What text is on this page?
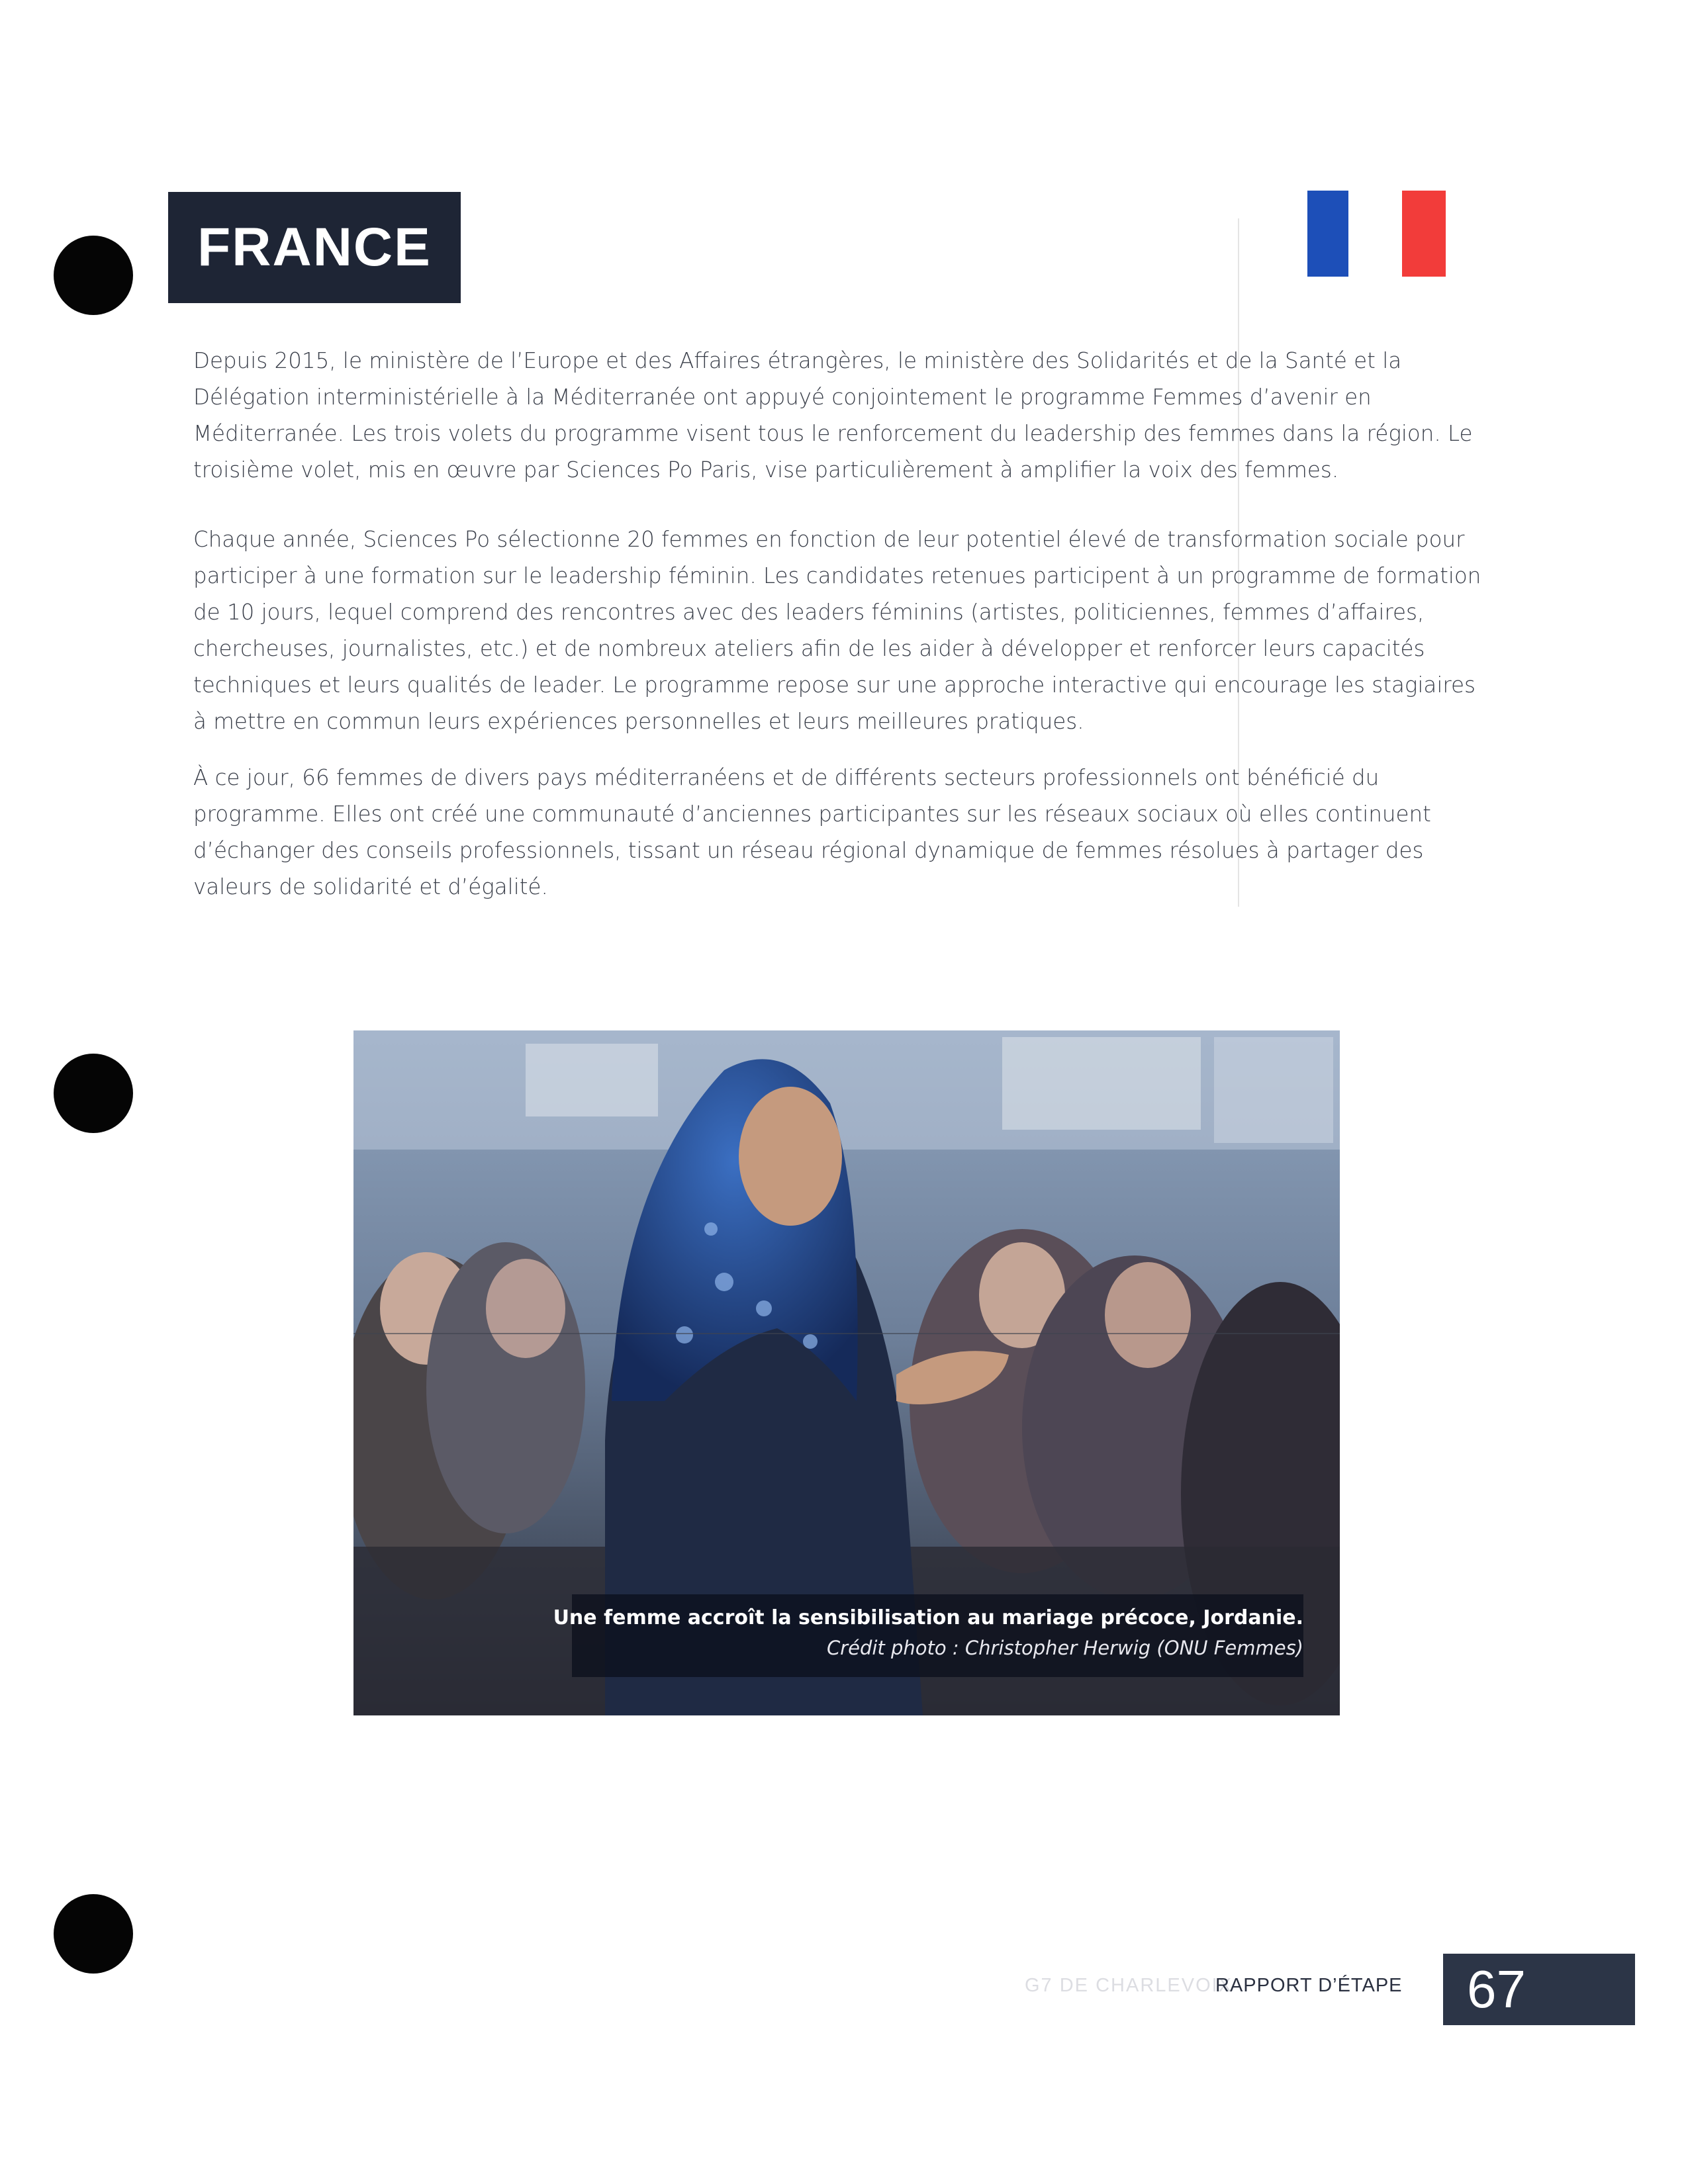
FRANCE

Depuis 2015, le ministère de l’Europe et des Affaires étrangères, le ministère des Solidarités et de la Santé et la Délégation interministérielle à la Méditerranée ont appuyé conjointement le programme Femmes d’avenir en Méditerranée. Les trois volets du programme visent tous le renforcement du leadership des femmes dans la région. Le troisième volet, mis en œuvre par Sciences Po Paris, vise particulièrement à amplifier la voix des femmes.

Chaque année, Sciences Po sélectionne 20 femmes en fonction de leur potentiel élevé de transformation sociale pour participer à une formation sur le leadership féminin. Les candidates retenues participent à un programme de formation de 10 jours, lequel comprend des rencontres avec des leaders féminins (artistes, politiciennes, femmes d’affaires, chercheuses, journalistes, etc.) et de nombreux ateliers afin de les aider à développer et renforcer leurs capacités techniques et leurs qualités de leader. Le programme repose sur une approche interactive qui encourage les stagiaires à mettre en commun leurs expériences personnelles et leurs meilleures pratiques.

À ce jour, 66 femmes de divers pays méditerranéens et de différents secteurs professionnels ont bénéficié du programme. Elles ont créé une communauté d’anciennes participantes sur les réseaux sociaux où elles continuent d’échanger des conseils professionnels, tissant un réseau régional dynamique de femmes résolues à partager des valeurs de solidarité et d’égalité.

Une femme accroît la sensibilisation au mariage précoce, Jordanie.
Crédit photo : Christopher Herwig (ONU Femmes)
G7 DE CHARLEVOIX
RAPPORT D’ÉTAPE 67
